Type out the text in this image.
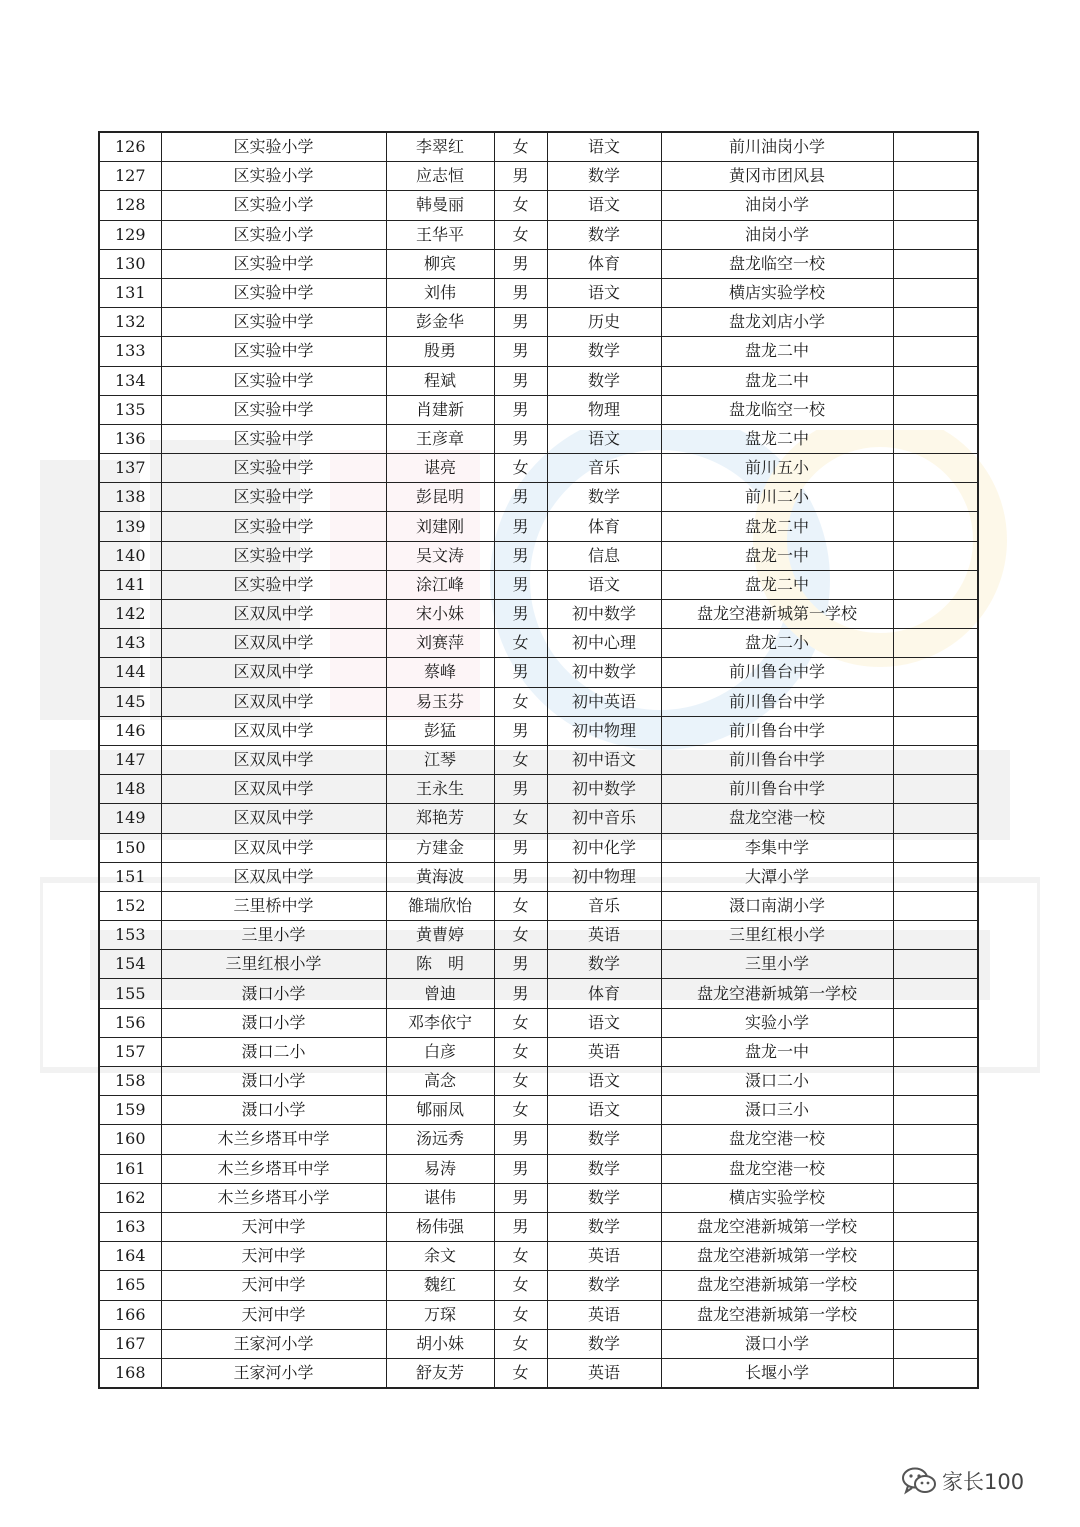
126	区实验小学	李翠红	女	语文	前川油岗小学	
127	区实验小学	应志恒	男	数学	黄冈市团风县	
128	区实验小学	韩曼丽	女	语文	油岗小学	
129	区实验小学	王华平	女	数学	油岗小学	
130	区实验中学	柳宾	男	体育	盘龙临空一校	
131	区实验中学	刘伟	男	语文	横店实验学校	
132	区实验中学	彭金华	男	历史	盘龙刘店小学	
133	区实验中学	殷勇	男	数学	盘龙二中	
134	区实验中学	程斌	男	数学	盘龙二中	
135	区实验中学	肖建新	男	物理	盘龙临空一校	
136	区实验中学	王彦章	男	语文	盘龙二中	
137	区实验中学	谌亮	女	音乐	前川五小	
138	区实验中学	彭昆明	男	数学	前川二小	
139	区实验中学	刘建刚	男	体育	盘龙二中	
140	区实验中学	吴文涛	男	信息	盘龙一中	
141	区实验中学	涂江峰	男	语文	盘龙二中	
142	区双凤中学	宋小妹	男	初中数学	盘龙空港新城第一学校	
143	区双凤中学	刘赛萍	女	初中心理	盘龙二小	
144	区双凤中学	蔡峰	男	初中数学	前川鲁台中学	
145	区双凤中学	易玉芬	女	初中英语	前川鲁台中学	
146	区双凤中学	彭猛	男	初中物理	前川鲁台中学	
147	区双凤中学	江琴	女	初中语文	前川鲁台中学	
148	区双凤中学	王永生	男	初中数学	前川鲁台中学	
149	区双凤中学	郑艳芳	女	初中音乐	盘龙空港一校	
150	区双凤中学	方建金	男	初中化学	李集中学	
151	区双凤中学	黄海波	男	初中物理	大潭小学	
152	三里桥中学	雒瑞欣怡	女	音乐	滠口南湖小学	
153	三里小学	黄曹婷	女	英语	三里红根小学	
154	三里红根小学	陈　明	男	数学	三里小学	
155	滠口小学	曾迪	男	体育	盘龙空港新城第一学校	
156	滠口小学	邓李依宁	女	语文	实验小学	
157	滠口二小	白彦	女	英语	盘龙一中	
158	滠口小学	高念	女	语文	滠口二小	
159	滠口小学	郇丽凤	女	语文	滠口三小	
160	木兰乡塔耳中学	汤远秀	男	数学	盘龙空港一校	
161	木兰乡塔耳中学	易涛	男	数学	盘龙空港一校	
162	木兰乡塔耳小学	谌伟	男	数学	横店实验学校	
163	天河中学	杨伟强	男	数学	盘龙空港新城第一学校	
164	天河中学	余文	女	英语	盘龙空港新城第一学校	
165	天河中学	魏红	女	数学	盘龙空港新城第一学校	
166	天河中学	万琛	女	英语	盘龙空港新城第一学校	
167	王家河小学	胡小妹	女	数学	滠口小学	
168	王家河小学	舒友芳	女	英语	长堰小学	
家长100
